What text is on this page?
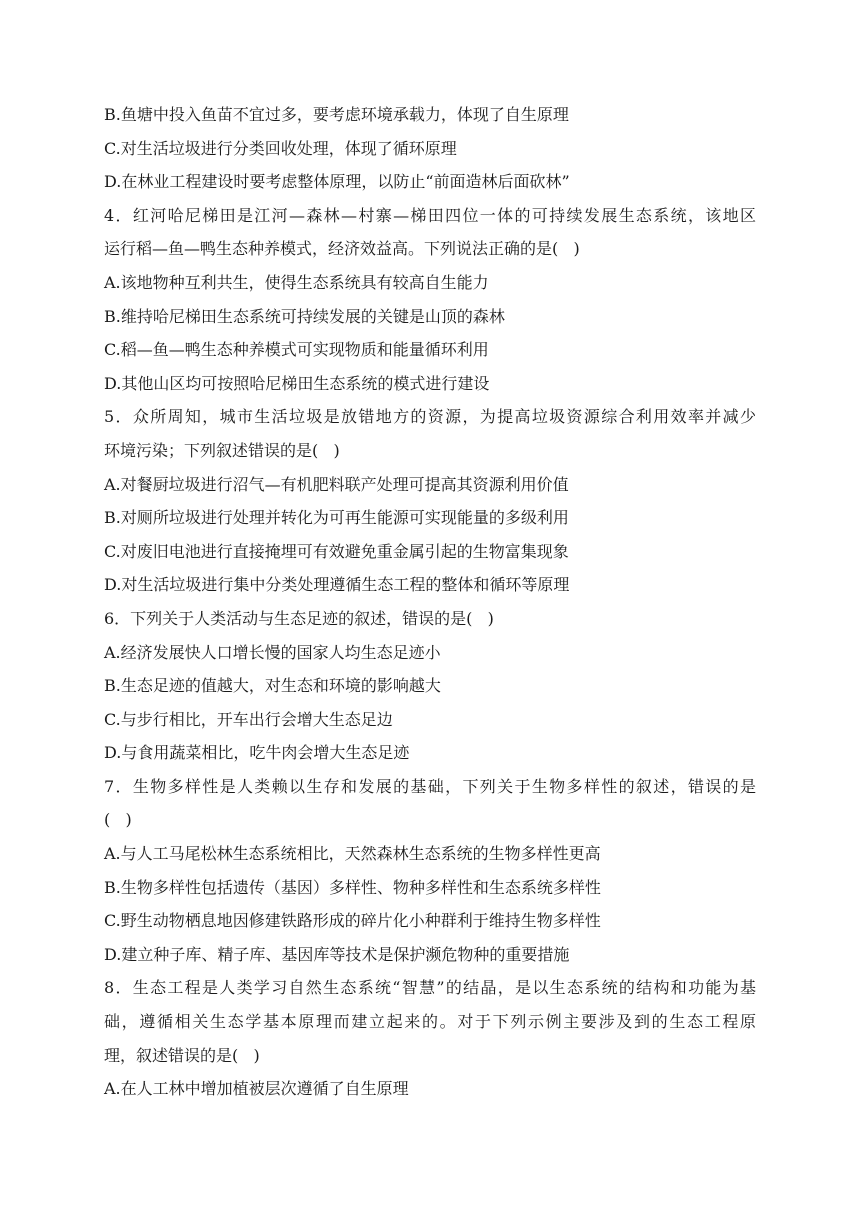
B.鱼塘中投入鱼苗不宜过多，要考虑环境承载力，体现了自生原理
C.对生活垃圾进行分类回收处理，体现了循环原理
D.在林业工程建设时要考虑整体原理，以防止“前面造林后面砍林”
4．红河哈尼梯田是江河—森林—村寨—梯田四位一体的可持续发展生态系统，该地区
运行稻—鱼—鸭生态种养模式，经济效益高。下列说法正确的是(   )
A.该地物种互利共生，使得生态系统具有较高自生能力
B.维持哈尼梯田生态系统可持续发展的关键是山顶的森林
C.稻—鱼—鸭生态种养模式可实现物质和能量循环利用
D.其他山区均可按照哈尼梯田生态系统的模式进行建设
5．众所周知，城市生活垃圾是放错地方的资源，为提高垃圾资源综合利用效率并减少
环境污染；下列叙述错误的是(   )
A.对餐厨垃圾进行沼气—有机肥料联产处理可提高其资源利用价值
B.对厕所垃圾进行处理并转化为可再生能源可实现能量的多级利用
C.对废旧电池进行直接掩埋可有效避免重金属引起的生物富集现象
D.对生活垃圾进行集中分类处理遵循生态工程的整体和循环等原理
6．下列关于人类活动与生态足迹的叙述，错误的是(   )
A.经济发展快人口增长慢的国家人均生态足迹小
B.生态足迹的值越大，对生态和环境的影响越大
C.与步行相比，开车出行会增大生态足边
D.与食用蔬菜相比，吃牛肉会增大生态足迹
7．生物多样性是人类赖以生存和发展的基础，下列关于生物多样性的叙述，错误的是
(   )
A.与人工马尾松林生态系统相比，天然森林生态系统的生物多样性更高
B.生物多样性包括遗传（基因）多样性、物种多样性和生态系统多样性
C.野生动物栖息地因修建铁路形成的碎片化小种群利于维持生物多样性
D.建立种子库、精子库、基因库等技术是保护濒危物种的重要措施
8．生态工程是人类学习自然生态系统“智慧”的结晶，是以生态系统的结构和功能为基
础，遵循相关生态学基本原理而建立起来的。对于下列示例主要涉及到的生态工程原
理，叙述错误的是(   )
A.在人工林中增加植被层次遵循了自生原理
